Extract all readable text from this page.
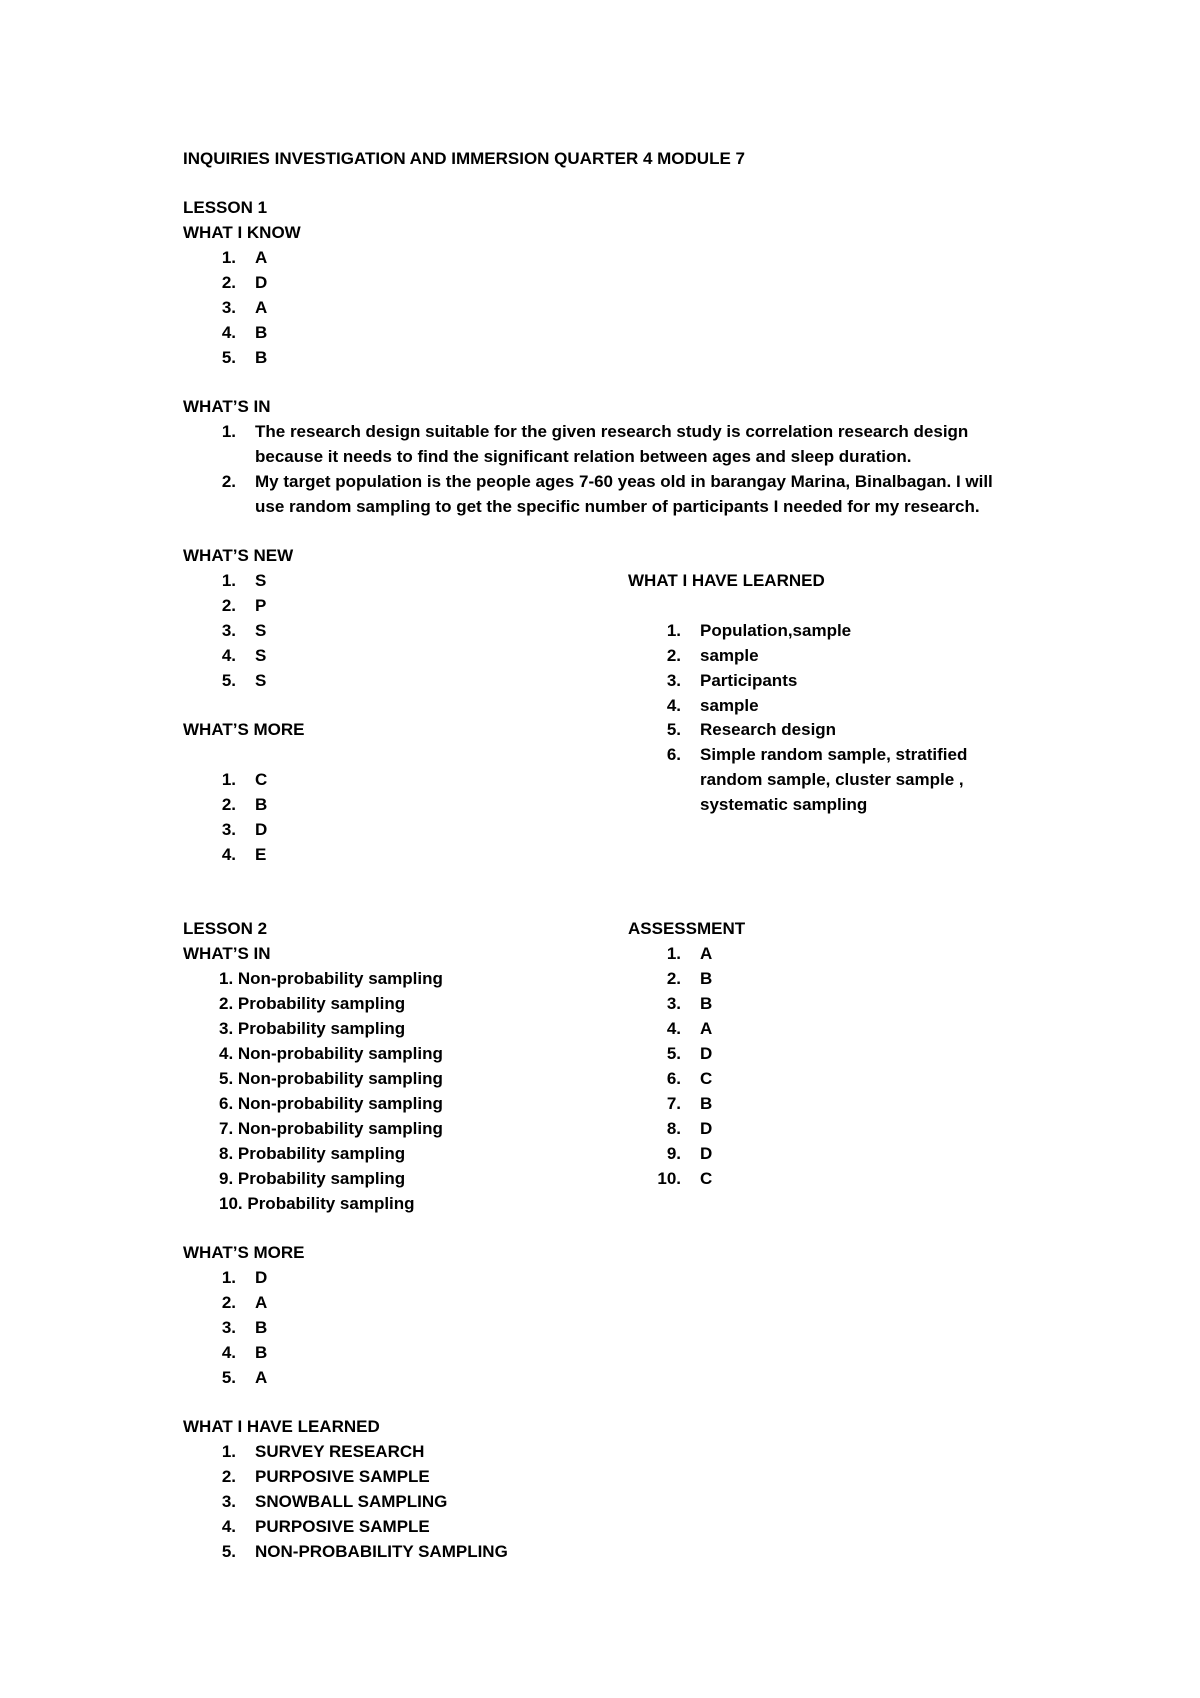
INQUIRIES INVESTIGATION AND IMMERSION QUARTER 4 MODULE 7
LESSON 1
WHAT I KNOW
1. A
2. D
3. A
4. B
5. B
WHAT’S IN
1. The research design suitable for the given research study is correlation research design
because it needs to find the significant relation between ages and sleep duration.
2. My target population is the people ages 7-60 yeas old in barangay Marina, Binalbagan. I will
use random sampling to get the specific number of participants I needed for my research.
WHAT’S NEW
1. S
2. P
3. S
4. S
5. S
WHAT’S MORE
1. C
2. B
3. D
4. E
WHAT I HAVE LEARNED
1. Population,sample
2. sample
3. Participants
4. sample
5. Research design
6. Simple random sample, stratified
random sample, cluster sample ,
systematic sampling
LESSON 2
WHAT’S IN
1. Non-probability sampling
2. Probability sampling
3. Probability sampling
4. Non-probability sampling
5. Non-probability sampling
6. Non-probability sampling
7. Non-probability sampling
8. Probability sampling
9. Probability sampling
10. Probability sampling
ASSESSMENT
1. A
2. B
3. B
4. A
5. D
6. C
7. B
8. D
9. D
10. C
WHAT’S MORE
1. D
2. A
3. B
4. B
5. A
WHAT I HAVE LEARNED
1. SURVEY RESEARCH
2. PURPOSIVE SAMPLE
3. SNOWBALL SAMPLING
4. PURPOSIVE SAMPLE
5. NON-PROBABILITY SAMPLING
